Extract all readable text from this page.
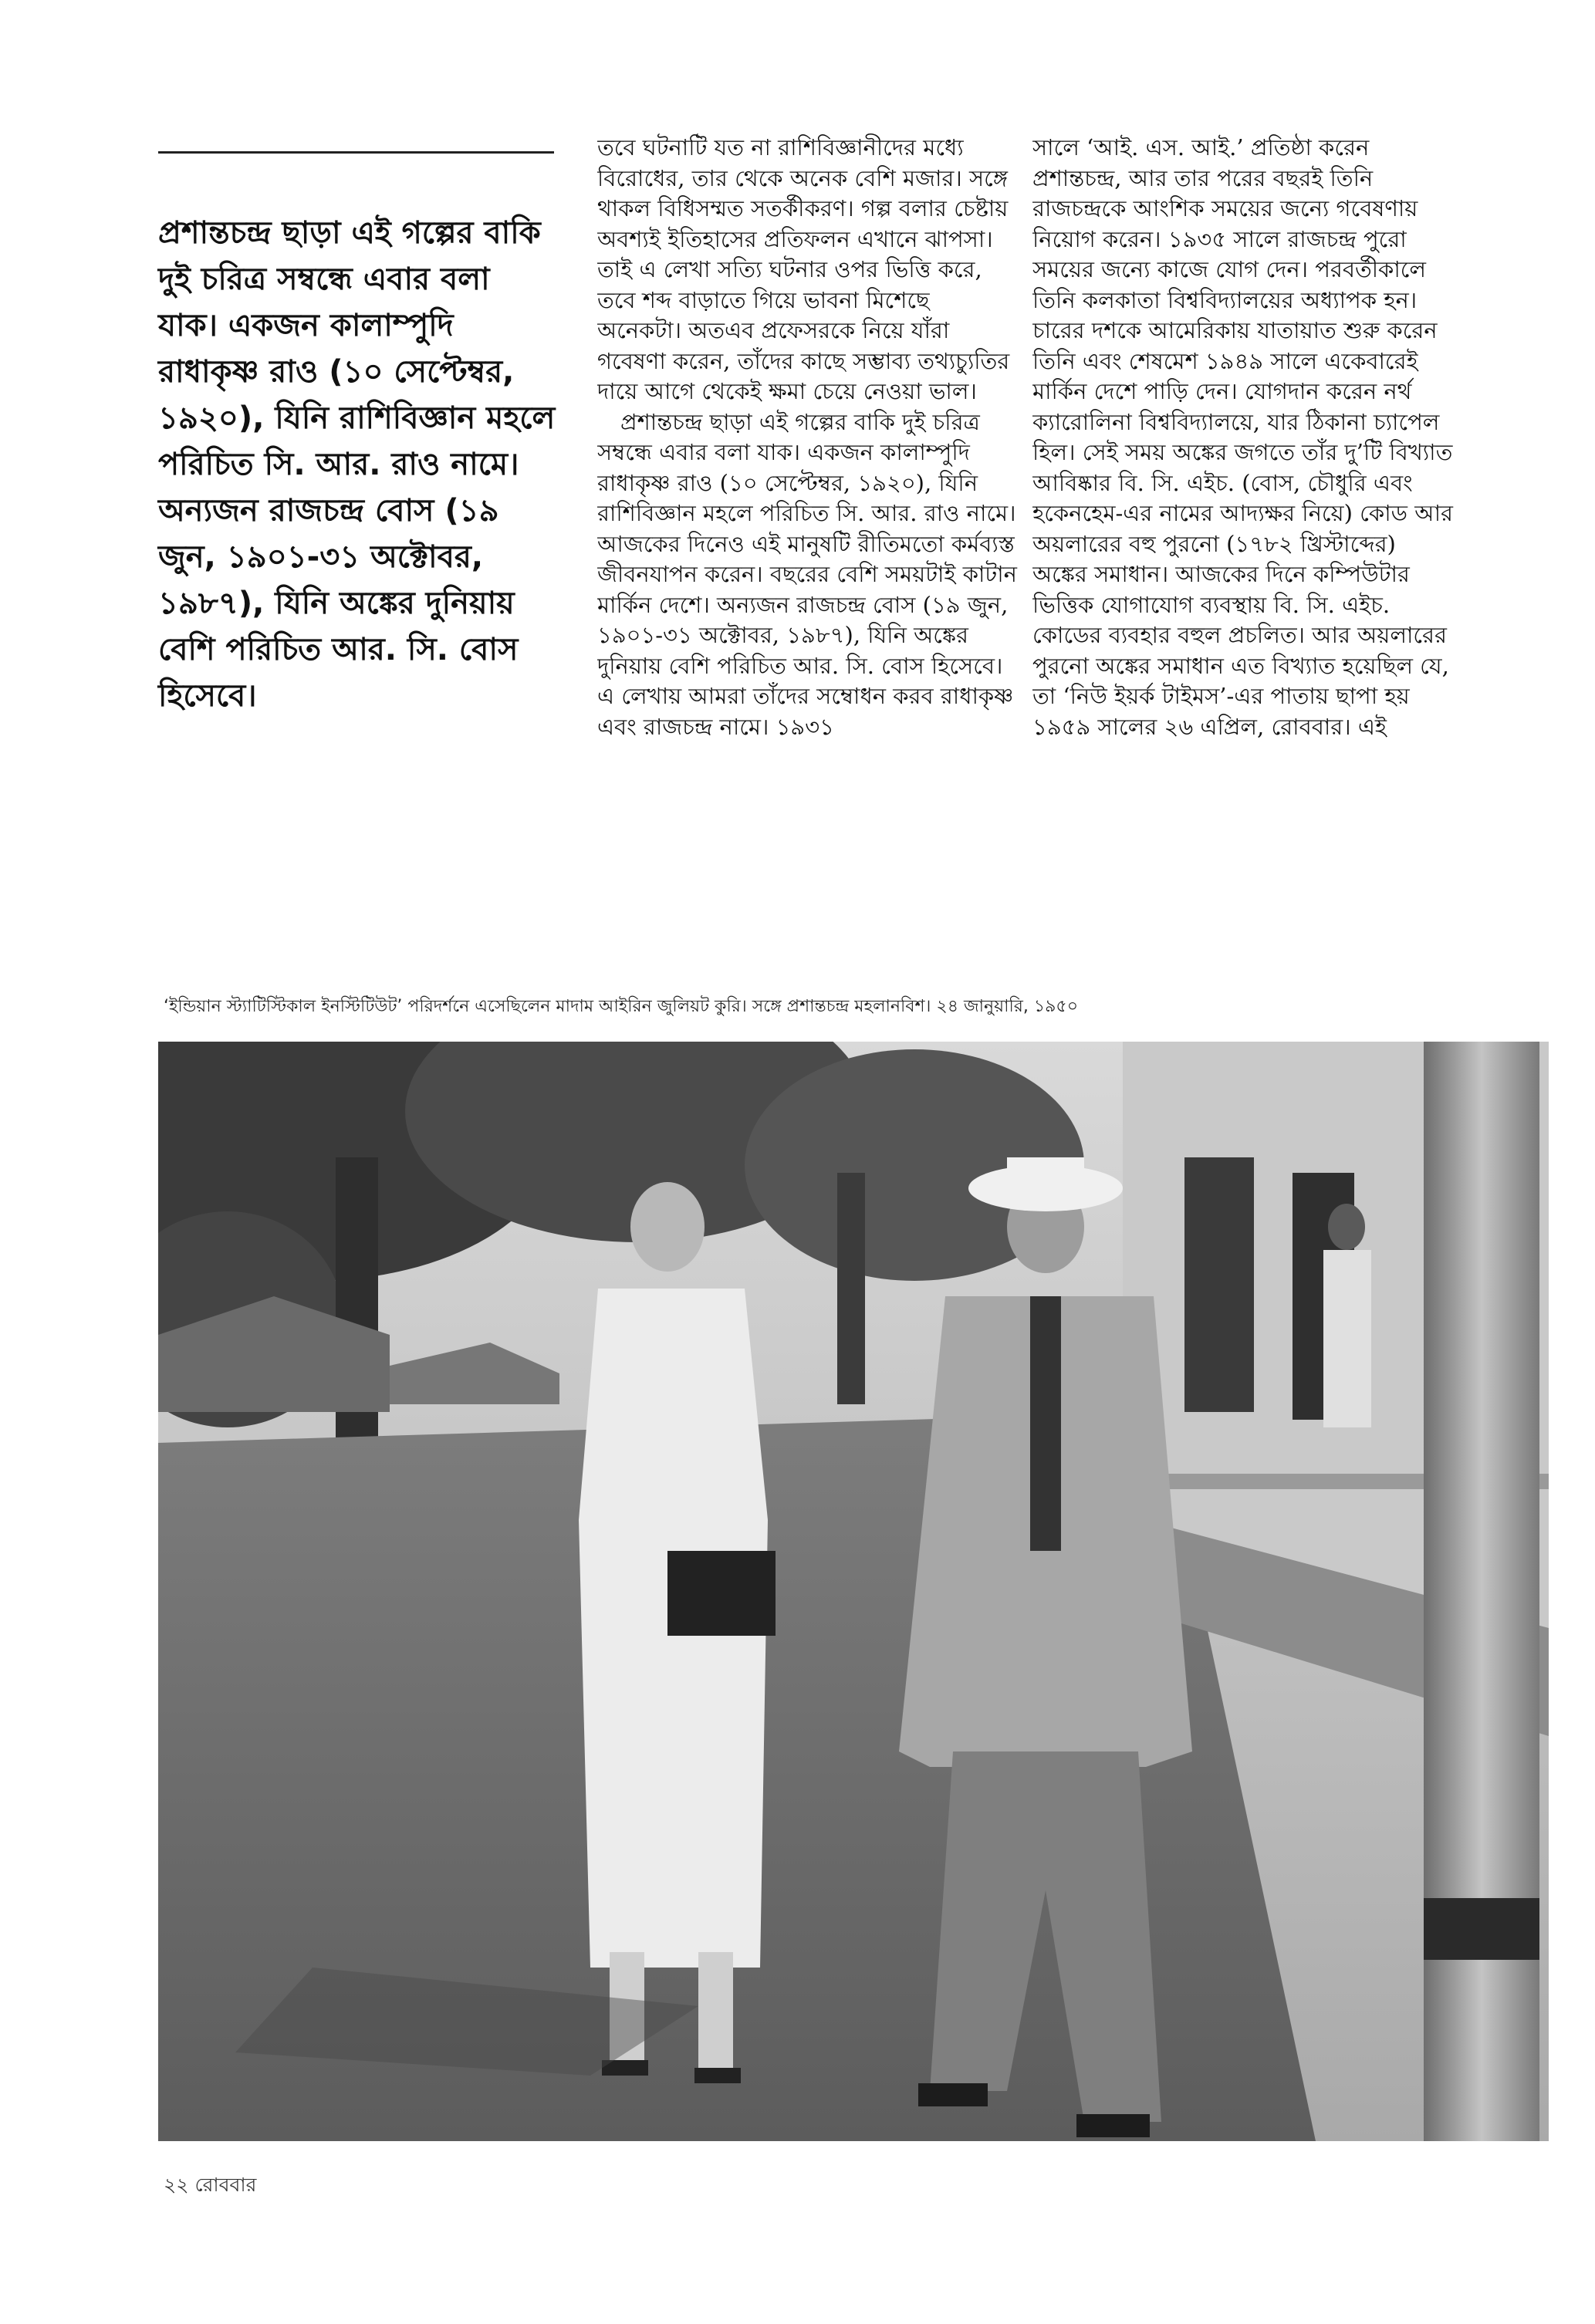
প্রশান্তচন্দ্র ছাড়া এই গল্পের বাকি দুই চরিত্র সম্বন্ধে এবার বলা যাক। একজন কালাম্পুদি রাধাকৃষ্ণ রাও (১০ সেপ্টেম্বর, ১৯২০), যিনি রাশিবিজ্ঞান মহলে পরিচিত সি. আর. রাও নামে। অন্যজন রাজচন্দ্র বোস (১৯ জুন, ১৯০১-৩১ অক্টোবর, ১৯৮৭), যিনি অঙ্কের দুনিয়ায় বেশি পরিচিত আর. সি. বোস হিসেবে।

তবে ঘটনাটি যত না রাশিবিজ্ঞানীদের মধ্যে বিরোধের, তার থেকে অনেক বেশি মজার। সঙ্গে থাকল বিধিসম্মত সতর্কীকরণ। গল্প বলার চেষ্টায় অবশ্যই ইতিহাসের প্রতিফলন এখানে ঝাপসা। তাই এ লেখা সত্যি ঘটনার ওপর ভিত্তি করে, তবে শব্দ বাড়াতে গিয়ে ভাবনা মিশেছে অনেকটা। অতএব প্রফেসরকে নিয়ে যাঁরা গবেষণা করেন, তাঁদের কাছে সম্ভাব্য তথ্যচ্যুতির দায়ে আগে থেকেই ক্ষমা চেয়ে নেওয়া ভাল।

প্রশান্তচন্দ্র ছাড়া এই গল্পের বাকি দুই চরিত্র সম্বন্ধে এবার বলা যাক। একজন কালাম্পুদি রাধাকৃষ্ণ রাও (১০ সেপ্টেম্বর, ১৯২০), যিনি রাশিবিজ্ঞান মহলে পরিচিত সি. আর. রাও নামে। আজকের দিনেও এই মানুষটি রীতিমতো কর্মব্যস্ত জীবনযাপন করেন। বছরের বেশি সময়টাই কাটান মার্কিন দেশে। অন্যজন রাজচন্দ্র বোস (১৯ জুন, ১৯০১-৩১ অক্টোবর, ১৯৮৭), যিনি অঙ্কের দুনিয়ায় বেশি পরিচিত আর. সি. বোস হিসেবে। এ লেখায় আমরা তাঁদের সম্বোধন করব রাধাকৃষ্ণ এবং রাজচন্দ্র নামে। ১৯৩১

সালে ‘আই. এস. আই.’ প্রতিষ্ঠা করেন প্রশান্তচন্দ্র, আর তার পরের বছরই তিনি রাজচন্দ্রকে আংশিক সময়ের জন্যে গবেষণায় নিয়োগ করেন। ১৯৩৫ সালে রাজচন্দ্র পুরো সময়ের জন্যে কাজে যোগ দেন। পরবর্তীকালে তিনি কলকাতা বিশ্ববিদ্যালয়ের অধ্যাপক হন। চারের দশকে আমেরিকায় যাতায়াত শুরু করেন তিনি এবং শেষমেশ ১৯৪৯ সালে একেবারেই মার্কিন দেশে পাড়ি দেন। যোগদান করেন নর্থ ক্যারোলিনা বিশ্ববিদ্যালয়ে, যার ঠিকানা চ্যাপেল হিল। সেই সময় অঙ্কের জগতে তাঁর দু’টি বিখ্যাত আবিষ্কার বি. সি. এইচ. (বোস, চৌধুরি এবং হকেনহেম-এর নামের আদ্যক্ষর নিয়ে) কোড আর অয়লারের বহু পুরনো (১৭৮২ খ্রিস্টাব্দের) অঙ্কের সমাধান। আজকের দিনে কম্পিউটার ভিত্তিক যোগাযোগ ব্যবস্থায় বি. সি. এইচ. কোডের ব্যবহার বহুল প্রচলিত। আর অয়লারের পুরনো অঙ্কের সমাধান এত বিখ্যাত হয়েছিল যে, তা ‘নিউ ইয়র্ক টাইমস’-এর পাতায় ছাপা হয় ১৯৫৯ সালের ২৬ এপ্রিল, রোববার। এই

‘ইন্ডিয়ান স্ট্যাটিস্টিকাল ইনস্টিটিউট’ পরিদর্শনে এসেছিলেন মাদাম আইরিন জুলিয়ট কুরি। সঙ্গে প্রশান্তচন্দ্র মহলানবিশ। ২৪ জানুয়ারি, ১৯৫০
২২ রোববার
